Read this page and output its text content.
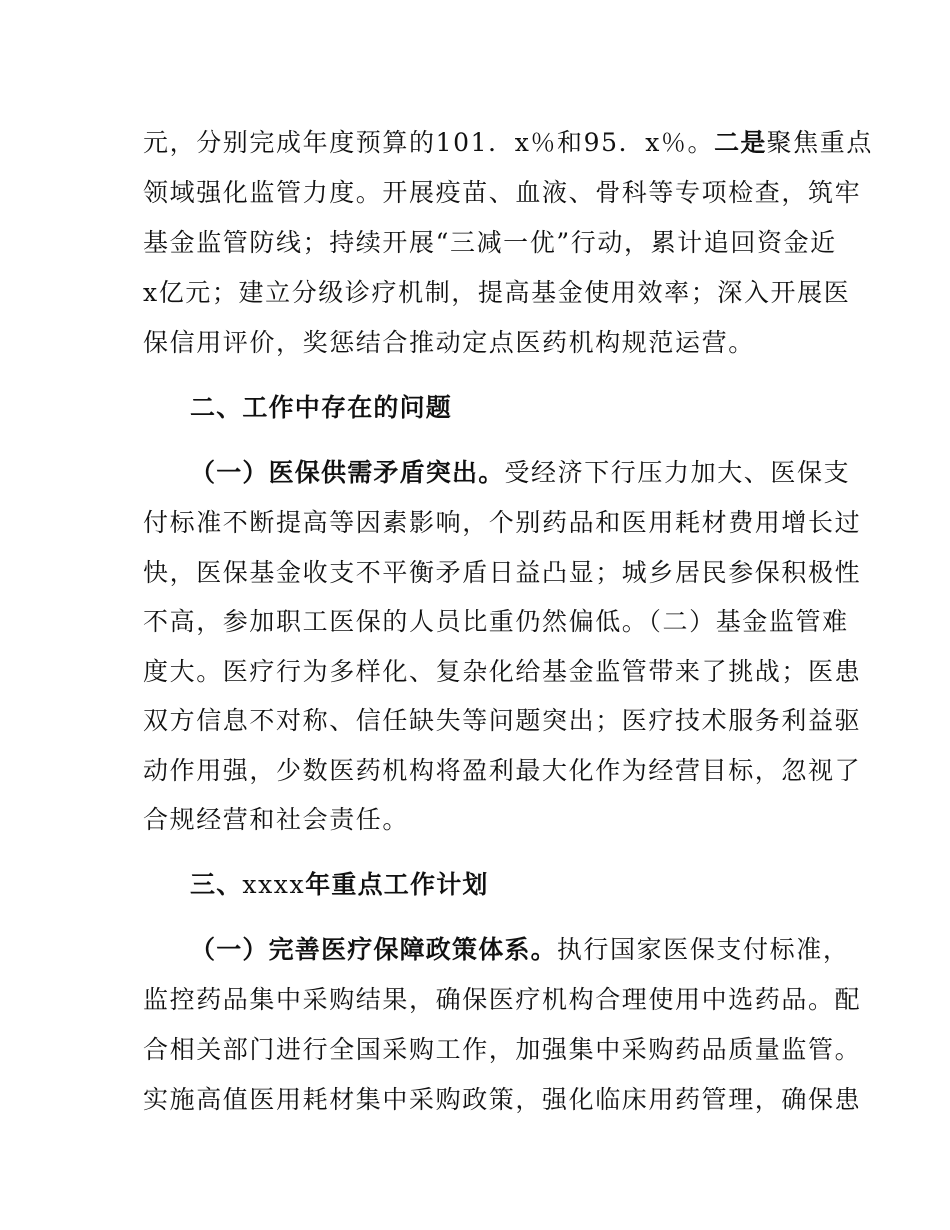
元，分别完成年度预算的101．x％和95．x％。二是聚焦重点
领域强化监管力度。开展疫苗、血液、骨科等专项检查，筑牢
基金监管防线；持续开展“三减一优”行动，累计追回资金近
x亿元；建立分级诊疗机制，提高基金使用效率；深入开展医
保信用评价，奖惩结合推动定点医药机构规范运营。
二、工作中存在的问题
（一）医保供需矛盾突出。受经济下行压力加大、医保支
付标准不断提高等因素影响，个别药品和医用耗材费用增长过
快，医保基金收支不平衡矛盾日益凸显；城乡居民参保积极性
不高，参加职工医保的人员比重仍然偏低。（二）基金监管难
度大。医疗行为多样化、复杂化给基金监管带来了挑战；医患
双方信息不对称、信任缺失等问题突出；医疗技术服务利益驱
动作用强，少数医药机构将盈利最大化作为经营目标，忽视了
合规经营和社会责任。
三、xxxx年重点工作计划
（一）完善医疗保障政策体系。执行国家医保支付标准，
监控药品集中采购结果，确保医疗机构合理使用中选药品。配
合相关部门进行全国采购工作，加强集中采购药品质量监管。
实施高值医用耗材集中采购政策，强化临床用药管理，确保患
